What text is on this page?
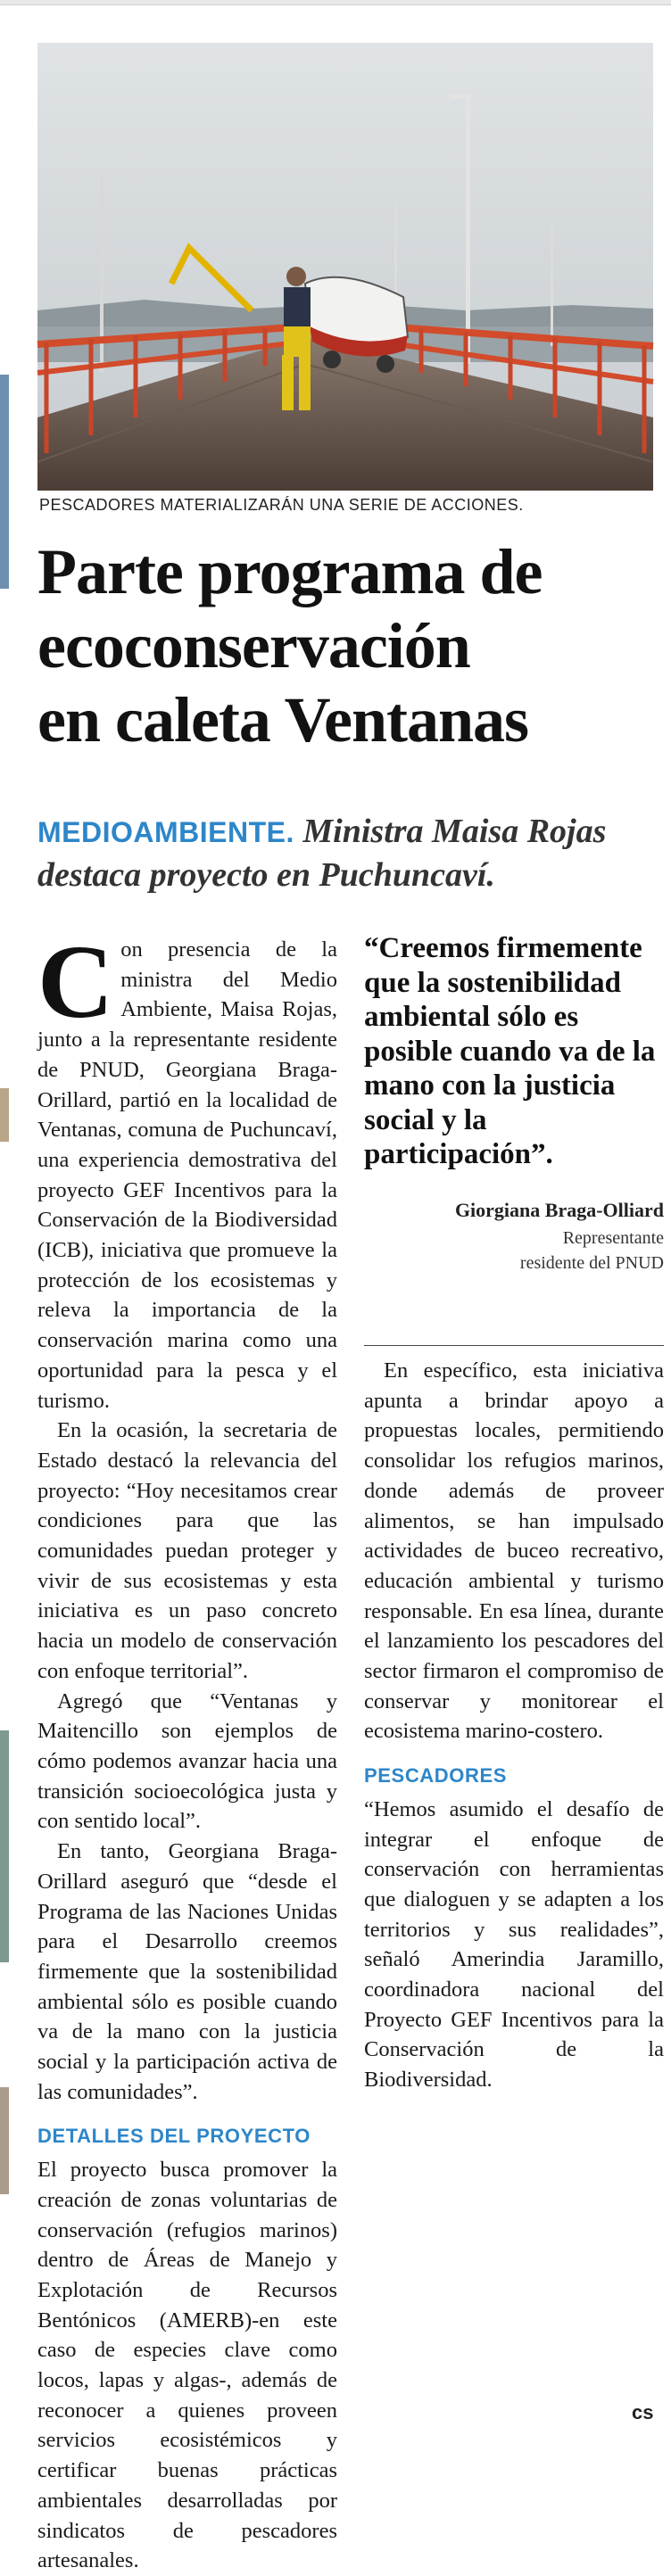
PESCADORES MATERIALIZARÁN UNA SERIE DE ACCIONES.
Parte programa de
ecoconservación
en caleta Ventanas
MEDIOAMBIENTE. Ministra Maisa Rojas destaca proyecto en Puchuncaví.

C on presencia de la ministra del Medio Ambiente, Maisa Rojas, junto a la representante residente de PNUD, Georgiana Braga-Orillard, partió en la localidad de Ventanas, comuna de Puchuncaví, una experiencia demostrativa del proyecto GEF Incentivos para la Conservación de la Biodiversidad (ICB), iniciativa que promueve la protección de los ecosistemas y releva la importancia de la conservación marina como una oportunidad para la pesca y el turismo.

En la ocasión, la secretaria de Estado destacó la relevancia del proyecto: “Hoy necesitamos crear condiciones para que las comunidades puedan proteger y vivir de sus ecosistemas y esta iniciativa es un paso concreto hacia un modelo de conservación con enfoque territorial”.

Agregó que “Ventanas y Maitencillo son ejemplos de cómo podemos avanzar hacia una transición socioecológica justa y con sentido local”.

En tanto, Georgiana Braga-Orillard aseguró que “desde el Programa de las Naciones Unidas para el Desarrollo creemos firmemente que la sostenibilidad ambiental sólo es posible cuando va de la mano con la justicia social y la participación activa de las comunidades”.

DETALLES DEL PROYECTO

El proyecto busca promover la creación de zonas voluntarias de conservación (refugios marinos) dentro de Áreas de Manejo y Explotación de Recursos Bentónicos (AMERB)-en este caso de especies clave como locos, lapas y algas-, además de reconocer a quienes proveen servicios ecosistémicos y certificar buenas prácticas ambientales desarrolladas por sindicatos de pescadores artesanales.

“Creemos firmemente que la sostenibilidad ambiental sólo es posible cuando va de la mano con la justicia social y la participación”.
Giorgiana Braga-Olliard
Representante
residente del PNUD

En específico, esta iniciativa apunta a brindar apoyo a propuestas locales, permitiendo consolidar los refugios marinos, donde además de proveer alimentos, se han impulsado actividades de buceo recreativo, educación ambiental y turismo responsable. En esa línea, durante el lanzamiento los pescadores del sector firmaron el compromiso de conservar y monitorear el ecosistema marino-costero.

PESCADORES

“Hemos asumido el desafío de integrar el enfoque de conservación con herramientas que dialoguen y se adapten a los territorios y sus realidades”, señaló Amerindia Jaramillo, coordinadora nacional del Proyecto GEF Incentivos para la Conservación de la Biodiversidad.

cs
